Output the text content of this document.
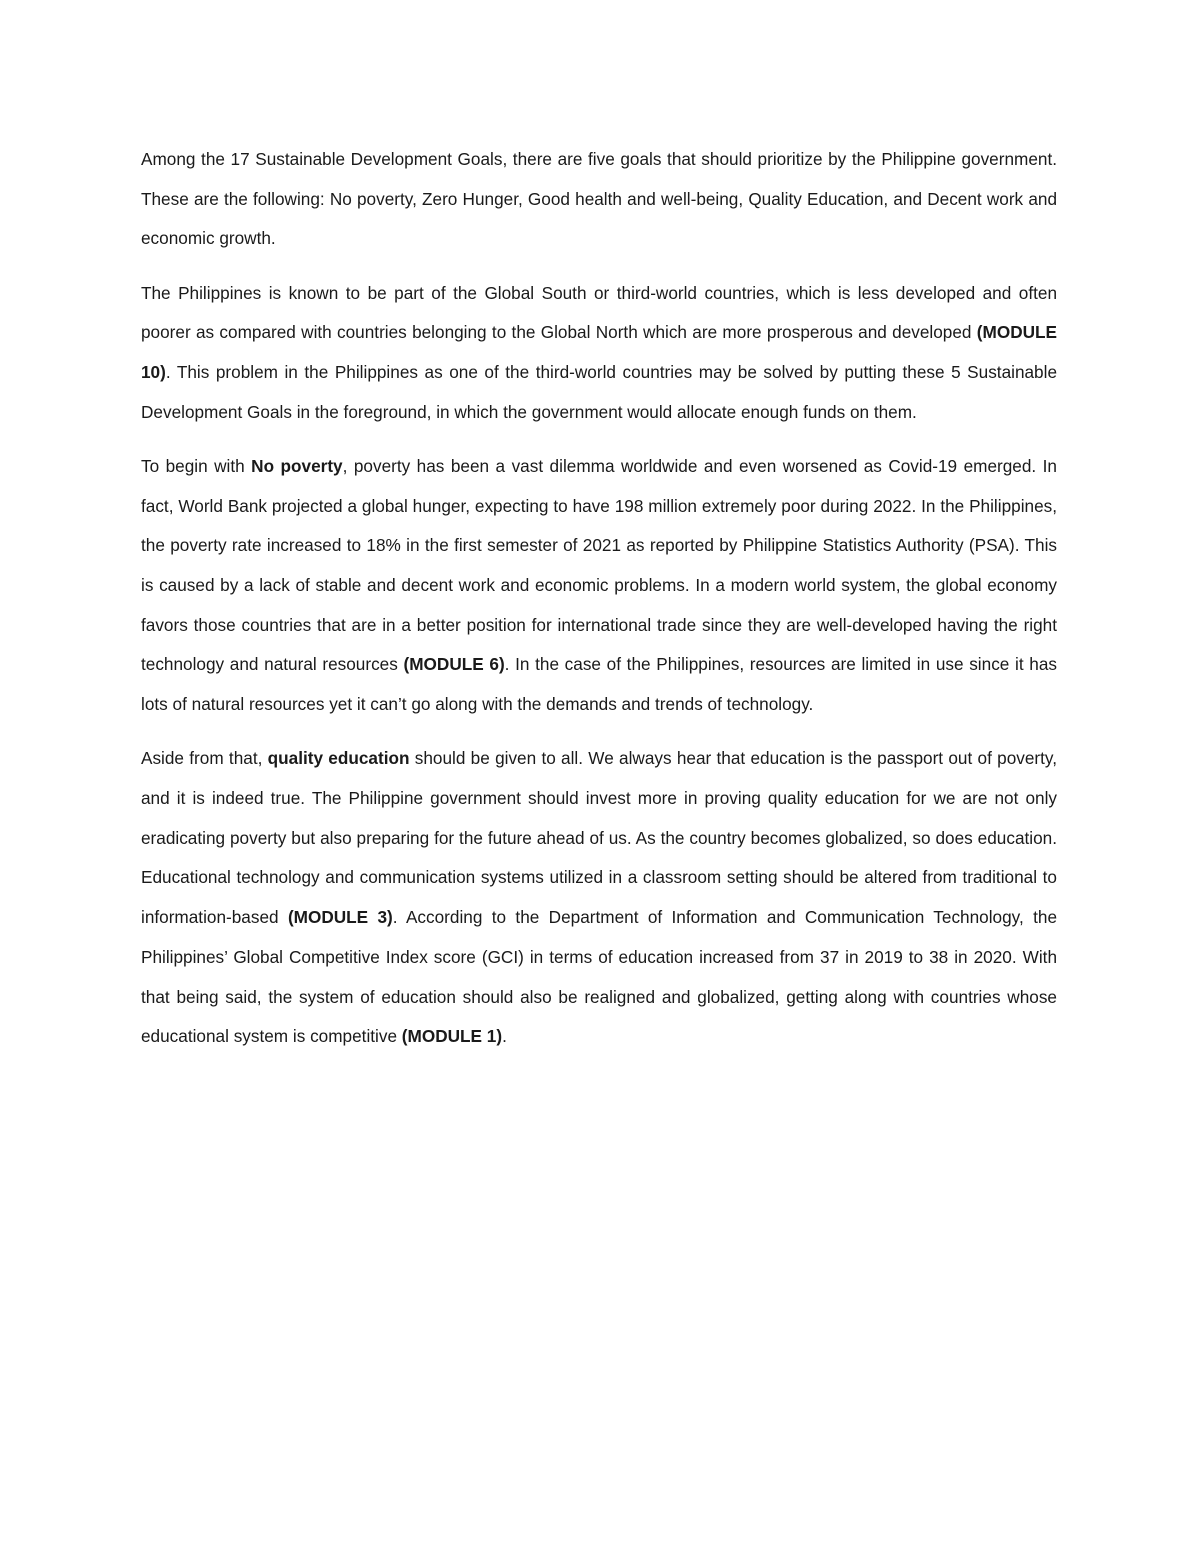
Among the 17 Sustainable Development Goals, there are five goals that should prioritize by the Philippine government. These are the following: No poverty, Zero Hunger, Good health and well-being, Quality Education, and Decent work and economic growth.

The Philippines is known to be part of the Global South or third-world countries, which is less developed and often poorer as compared with countries belonging to the Global North which are more prosperous and developed (MODULE 10). This problem in the Philippines as one of the third-world countries may be solved by putting these 5 Sustainable Development Goals in the foreground, in which the government would allocate enough funds on them.

To begin with No poverty, poverty has been a vast dilemma worldwide and even worsened as Covid-19 emerged. In fact, World Bank projected a global hunger, expecting to have 198 million extremely poor during 2022. In the Philippines, the poverty rate increased to 18% in the first semester of 2021 as reported by Philippine Statistics Authority (PSA). This is caused by a lack of stable and decent work and economic problems. In a modern world system, the global economy favors those countries that are in a better position for international trade since they are well-developed having the right technology and natural resources (MODULE 6). In the case of the Philippines, resources are limited in use since it has lots of natural resources yet it can’t go along with the demands and trends of technology.

Aside from that, quality education should be given to all. We always hear that education is the passport out of poverty, and it is indeed true. The Philippine government should invest more in proving quality education for we are not only eradicating poverty but also preparing for the future ahead of us. As the country becomes globalized, so does education. Educational technology and communication systems utilized in a classroom setting should be altered from traditional to information-based (MODULE 3). According to the Department of Information and Communication Technology, the Philippines’ Global Competitive Index score (GCI) in terms of education increased from 37 in 2019 to 38 in 2020. With that being said, the system of education should also be realigned and globalized, getting along with countries whose educational system is competitive (MODULE 1).
